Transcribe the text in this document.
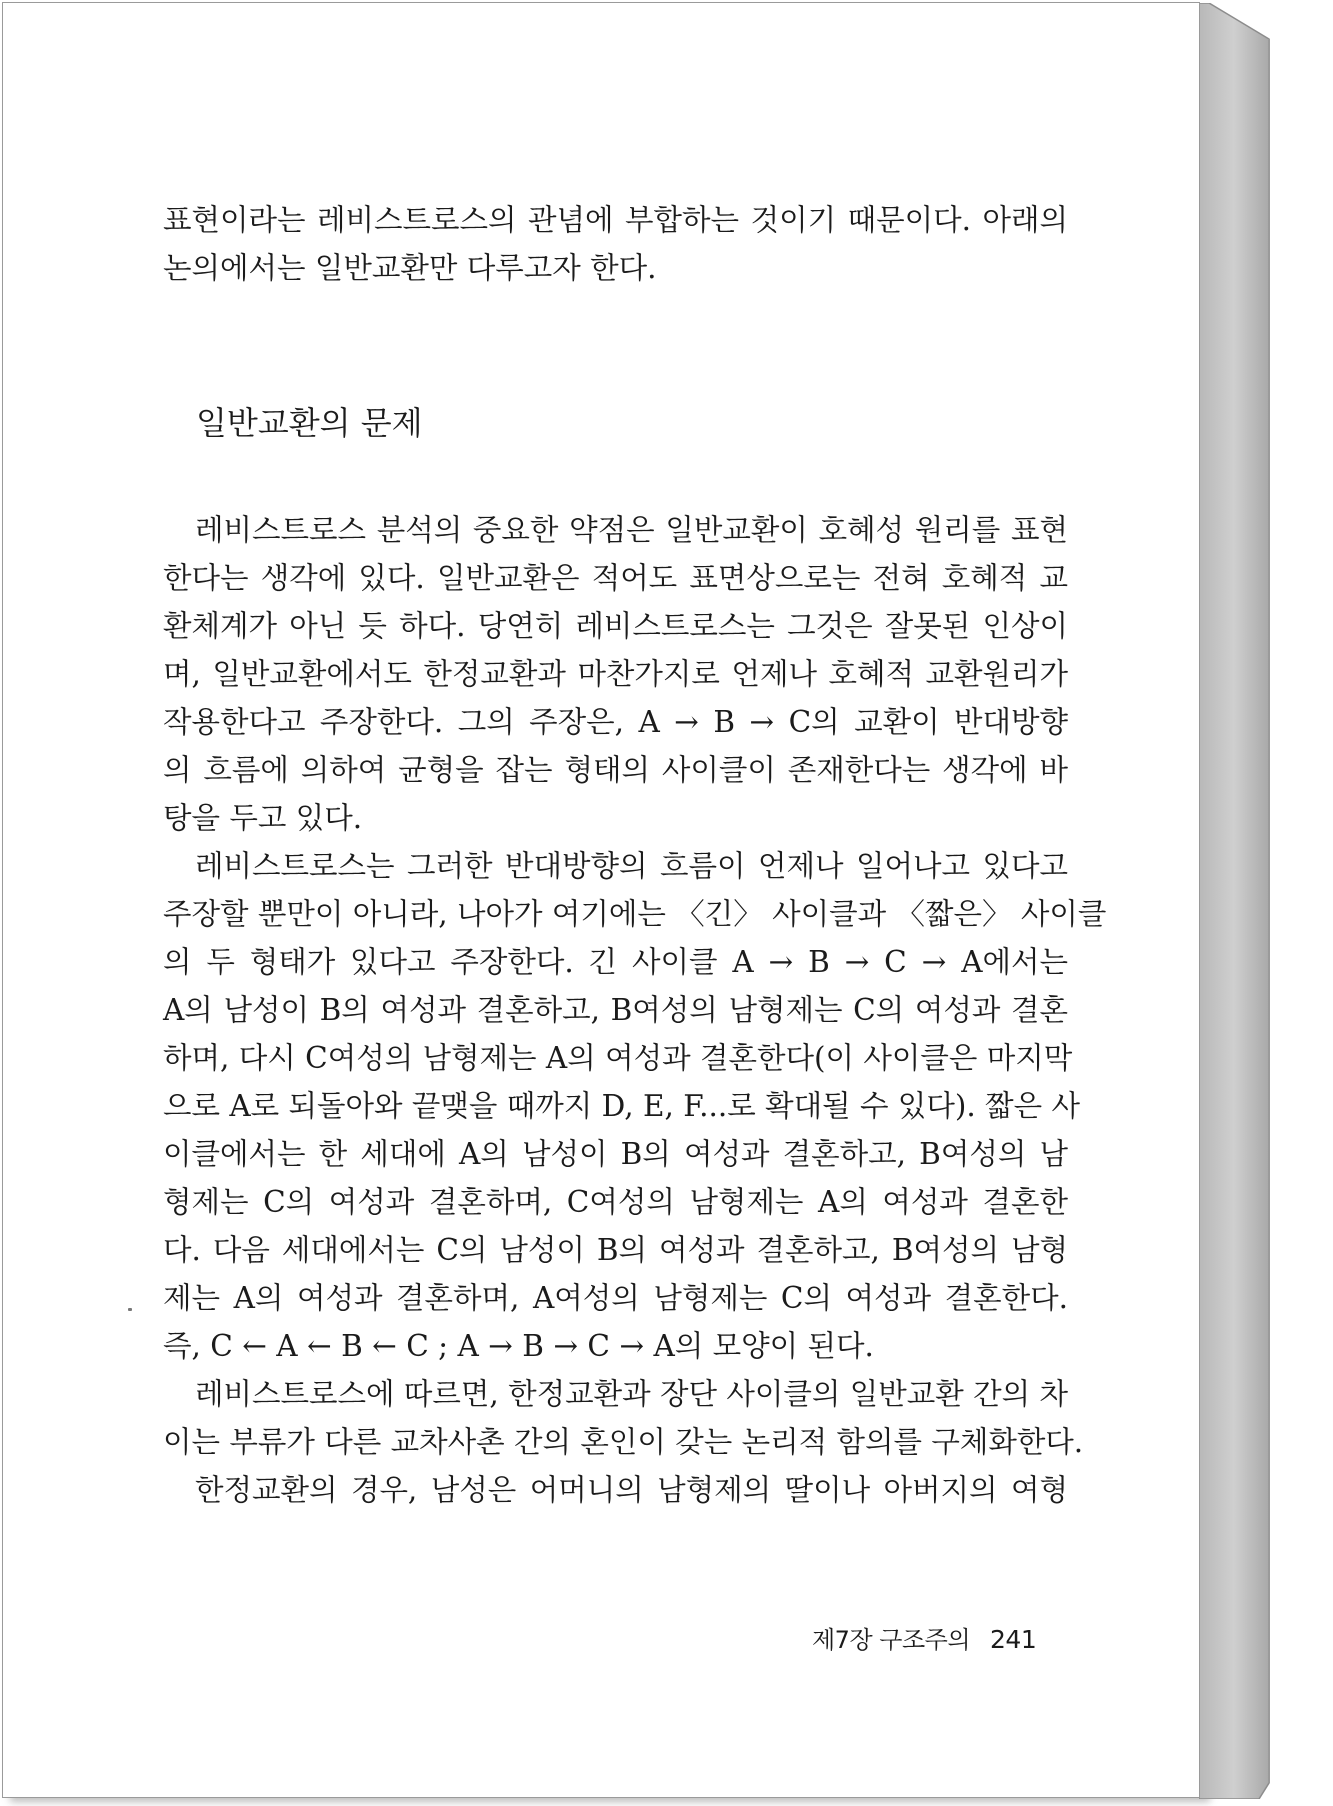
표현이라는 레비스트로스의 관념에 부합하는 것이기 때문이다. 아래의
논의에서는 일반교환만 다루고자 한다.
일반교환의 문제
레비스트로스 분석의 중요한 약점은 일반교환이 호혜성 원리를 표현
한다는 생각에 있다. 일반교환은 적어도 표면상으로는 전혀 호혜적 교
환체계가 아닌 듯 하다. 당연히 레비스트로스는 그것은 잘못된 인상이
며, 일반교환에서도 한정교환과 마찬가지로 언제나 호혜적 교환원리가
작용한다고 주장한다. 그의 주장은, A → B → C의 교환이 반대방향
의 흐름에 의하여 균형을 잡는 형태의 사이클이 존재한다는 생각에 바
탕을 두고 있다.
레비스트로스는 그러한 반대방향의 흐름이 언제나 일어나고 있다고
주장할 뿐만이 아니라, 나아가 여기에는 〈긴〉 사이클과 〈짧은〉 사이클
의 두 형태가 있다고 주장한다. 긴 사이클 A → B → C → A에서는
A의 남성이 B의 여성과 결혼하고, B여성의 남형제는 C의 여성과 결혼
하며, 다시 C여성의 남형제는 A의 여성과 결혼한다(이 사이클은 마지막
으로 A로 되돌아와 끝맺을 때까지 D, E, F...로 확대될 수 있다). 짧은 사
이클에서는 한 세대에 A의 남성이 B의 여성과 결혼하고, B여성의 남
형제는 C의 여성과 결혼하며, C여성의 남형제는 A의 여성과 결혼한
다. 다음 세대에서는 C의 남성이 B의 여성과 결혼하고, B여성의 남형
제는 A의 여성과 결혼하며, A여성의 남형제는 C의 여성과 결혼한다.
즉, C ← A ← B ← C ; A → B → C → A의 모양이 된다.
레비스트로스에 따르면, 한정교환과 장단 사이클의 일반교환 간의 차
이는 부류가 다른 교차사촌 간의 혼인이 갖는 논리적 함의를 구체화한다.
한정교환의 경우, 남성은 어머니의 남형제의 딸이나 아버지의 여형
제7장 구조주의 241
